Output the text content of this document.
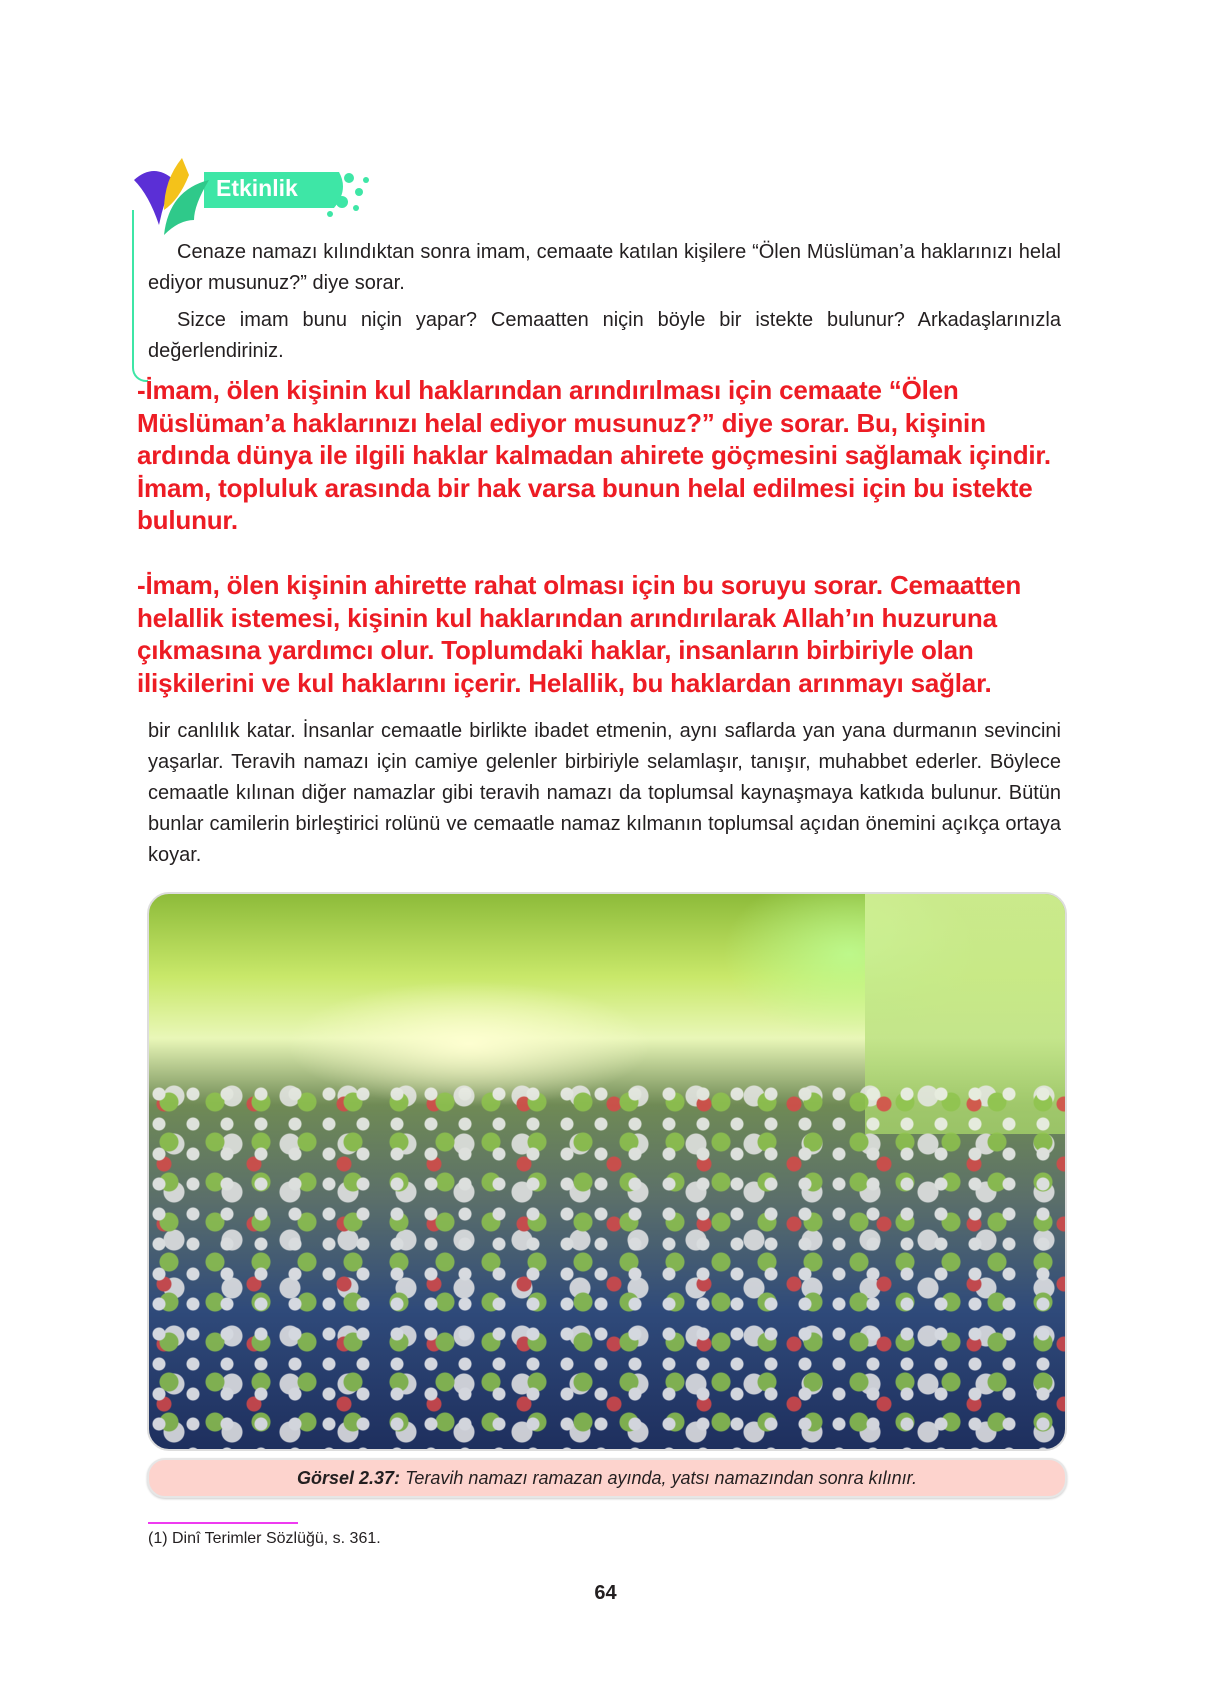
Etkinlik

Cenaze namazı kılındıktan sonra imam, cemaate katılan kişilere “Ölen Müslüman’a haklarınızı helal ediyor musunuz?” diye sorar.

Sizce imam bunu niçin yapar? Cemaatten niçin böyle bir istekte bulunur? Arkadaşlarınızla değerlendiriniz.

-İmam, ölen kişinin kul haklarından arındırılması için cemaate “Ölen Müslüman’a haklarınızı helal ediyor musunuz?” diye sorar. Bu, kişinin ardında dünya ile ilgili haklar kalmadan ahirete göçmesini sağlamak içindir. İmam, topluluk arasında bir hak varsa bunun helal edilmesi için bu istekte bulunur.
-İmam, ölen kişinin ahirette rahat olması için bu soruyu sorar. Cemaatten helallik istemesi, kişinin kul haklarından arındırılarak Allah’ın huzuruna çıkmasına yardımcı olur. Toplumdaki haklar, insanların birbiriyle olan ilişkilerini ve kul haklarını içerir. Helallik, bu haklardan arınmayı sağlar.
bir canlılık katar. İnsanlar cemaatle birlikte ibadet etmenin, aynı saflarda yan yana durmanın sevincini yaşarlar. Teravih namazı için camiye gelenler birbiriyle selamlaşır, tanışır, muhabbet ederler. Böylece cemaatle kılınan diğer namazlar gibi teravih namazı da toplumsal kaynaşmaya katkıda bulunur. Bütün bunlar camilerin birleştirici rolünü ve cemaatle namaz kılmanın toplumsal açıdan önemini açıkça ortaya koyar.
Görsel 2.37: Teravih namazı ramazan ayında, yatsı namazından sonra kılınır.
(1) Dinî Terimler Sözlüğü, s. 361.
64
